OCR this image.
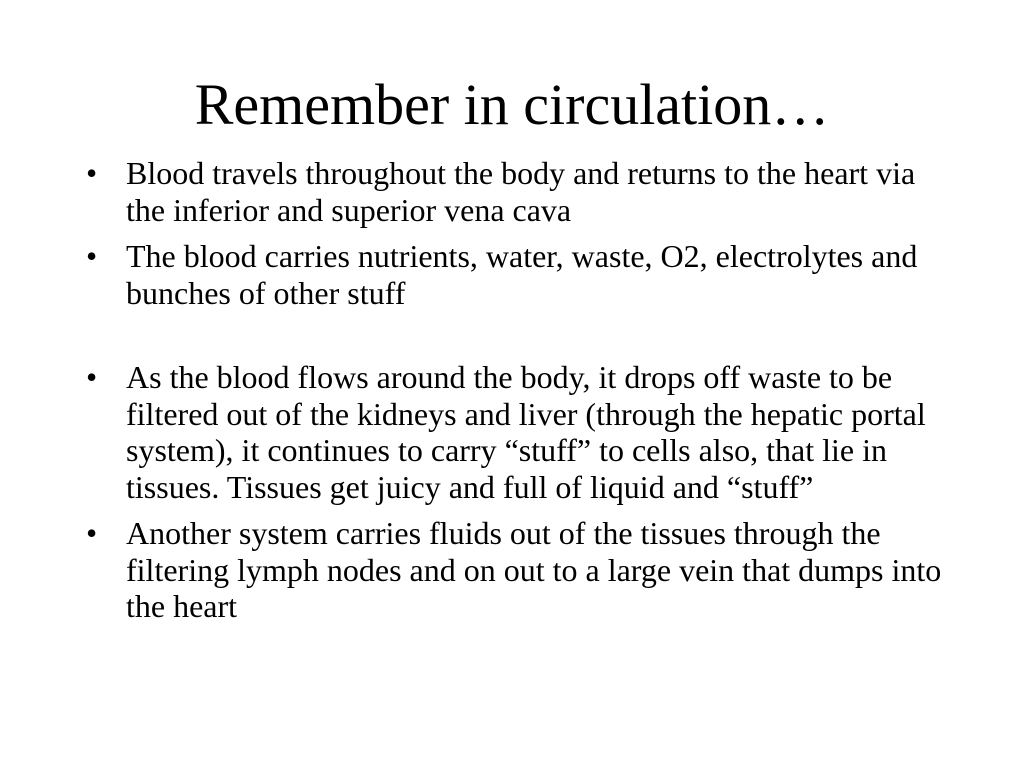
Remember in circulation…
• Blood travels throughout the body and returns to the heart via the inferior and superior vena cava
• The blood carries nutrients, water, waste, O2, electrolytes and bunches of other stuff
• As the blood flows around the body, it drops off waste to be filtered out of the kidneys and liver (through the hepatic portal system), it continues to carry “stuff” to cells also, that lie in tissues. Tissues get juicy and full of liquid and “stuff”
• Another system carries fluids out of the tissues through the filtering lymph nodes and on out to a large vein that dumps into the heart
